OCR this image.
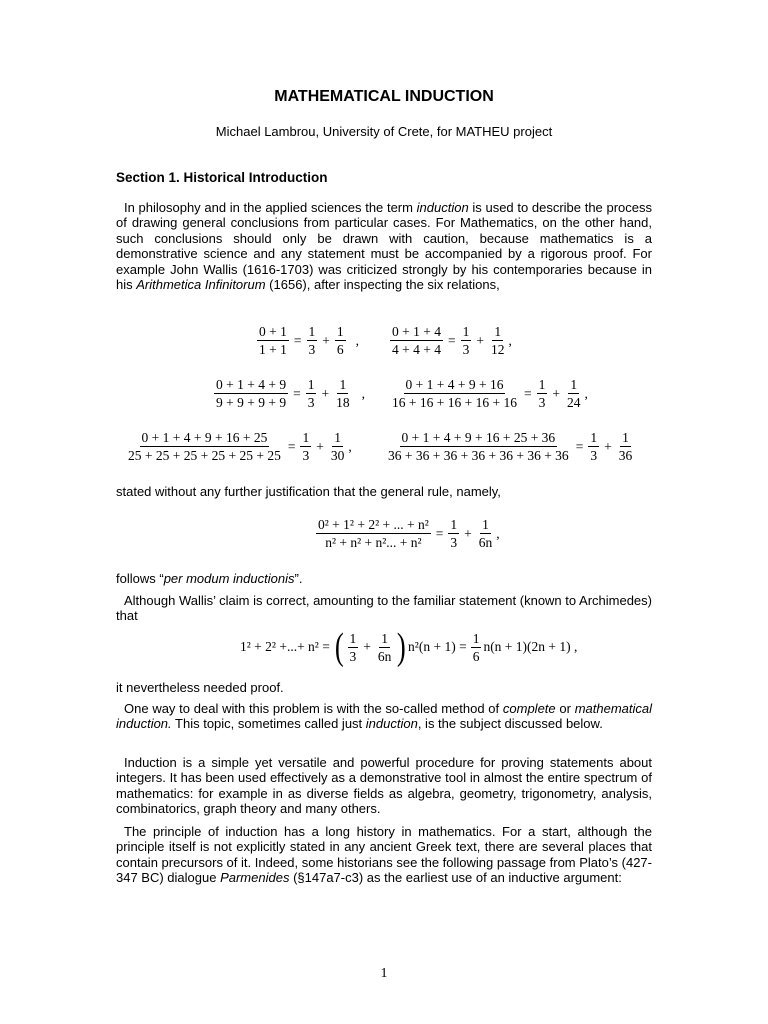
MATHEMATICAL INDUCTION
Michael Lambrou, University of Crete, for MATHEU project
Section 1. Historical Introduction
In philosophy and in the applied sciences the term induction is used to describe the process of drawing general conclusions from particular cases. For Mathematics, on the other hand, such conclusions should only be drawn with caution, because mathematics is a demonstrative science and any statement must be accompanied by a rigorous proof. For example John Wallis (1616-1703) was criticized strongly by his contemporaries because in his Arithmetica Infinitorum (1656), after inspecting the six relations,
$\frac{0 + 1}{1 + 1} = \frac{1}{3} + \frac{1}{6}$ , $\frac{0 + 1 + 4}{4 + 4 + 4} = \frac{1}{3} + \frac{1}{12}$ ,
$\frac{0 + 1 + 4 + 9}{9 + 9 + 9 + 9} = \frac{1}{3} + \frac{1}{18}$ , $\frac{0 + 1 + 4 + 9 + 16}{16 + 16 + 16 + 16 + 16} = \frac{1}{3} + \frac{1}{24}$ ,
$\frac{0 + 1 + 4 + 9 + 16 + 25}{25 + 25 + 25 + 25 + 25 + 25} = \frac{1}{3} + \frac{1}{30}$ ,	$\frac{0 + 1 + 4 + 9 + 16 + 25 + 36}{36 + 36 + 36 + 36 + 36 + 36 + 36} = \frac{1}{3} + \frac{1}{36}$
stated without any further justification that the general rule, namely,
$\frac{\text{0² + 1² + 2² + ... + n²}}{\text{n² + n² + n²... + n²}} = \frac{1}{3} + \frac{1}{6n}$ ,
follows “per modum inductionis”.
Although Wallis’ claim is correct, amounting to the familiar statement (known to Archimedes) that
1² + 2² +...+ n² = ( $\frac{1}{3} + \frac{1}{6n}$ ) $n^2(n + 1) = \frac{1}{6} n(n + 1)(2n + 1)$ ,
it nevertheless needed proof.
One way to deal with this problem is with the so-called method of complete or mathematical induction. This topic, sometimes called just induction, is the subject discussed below.
Induction is a simple yet versatile and powerful procedure for proving statements about integers. It has been used effectively as a demonstrative tool in almost the entire spectrum of mathematics: for example in as diverse fields as algebra, geometry, trigonometry, analysis, combinatorics, graph theory and many others.
The principle of induction has a long history in mathematics. For a start, although the principle itself is not explicitly stated in any ancient Greek text, there are several places that contain precursors of it. Indeed, some historians see the following passage from Plato’s (427-347 BC) dialogue Parmenides (§147a7-c3) as the earliest use of an inductive argument:
1
